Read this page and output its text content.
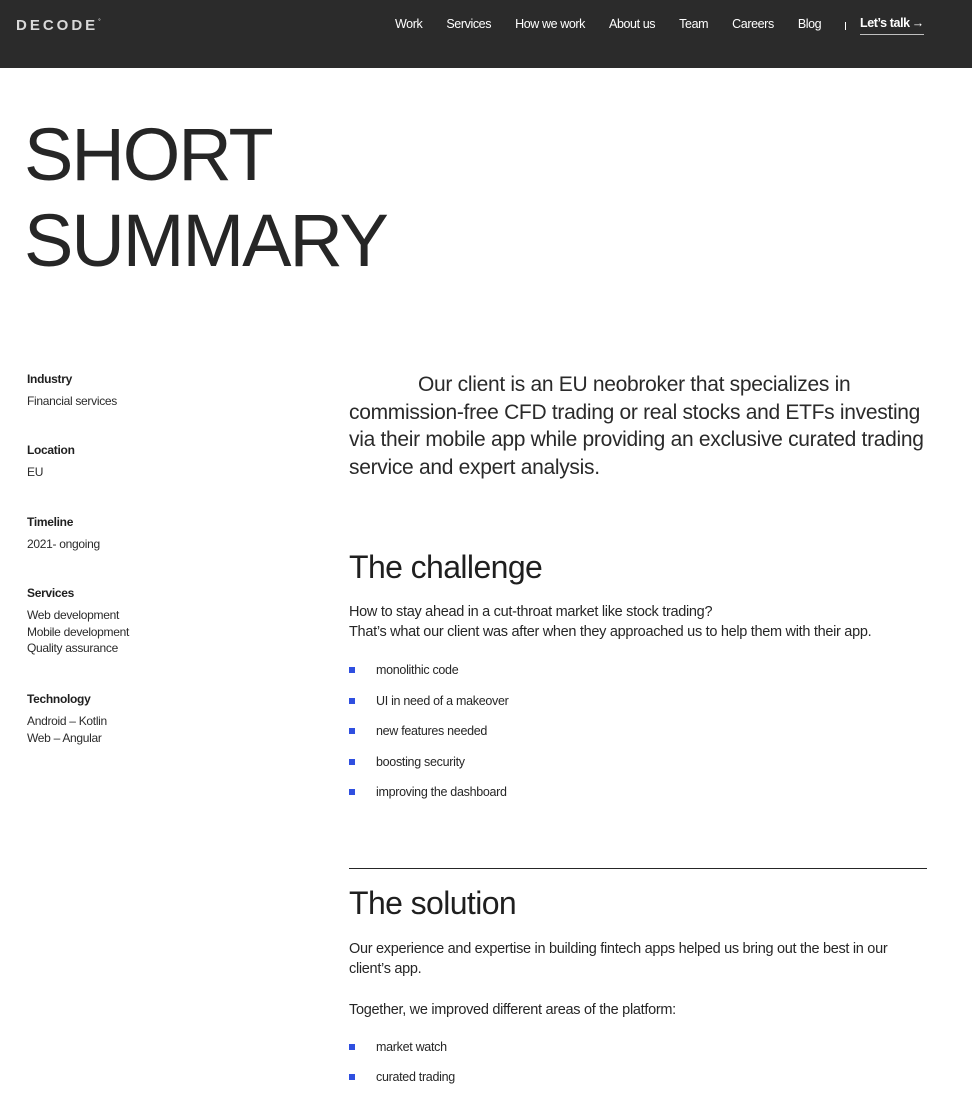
DECODE°	Work Services How we work About us Team Careers Blog	Let’s talk →
SHORT
SUMMARY
Industry
Financial services
Location
EU
Timeline
2021- ongoing
Services
Web development
Mobile development
Quality assurance
Technology
Android – Kotlin
Web – Angular

Our client is an EU neobroker that specializes in commission-free CFD trading or real stocks and ETFs investing via their mobile app while providing an exclusive curated trading service and expert analysis.

The challenge

How to stay ahead in a cut-throat market like stock trading?
That’s what our client was after when they approached us to help them with their app.

monolithic code
UI in need of a makeover
new features needed
boosting security
improving the dashboard
The solution

Our experience and expertise in building fintech apps helped us bring out the best in our client’s app.

Together, we improved different areas of the platform:

market watch
curated trading
